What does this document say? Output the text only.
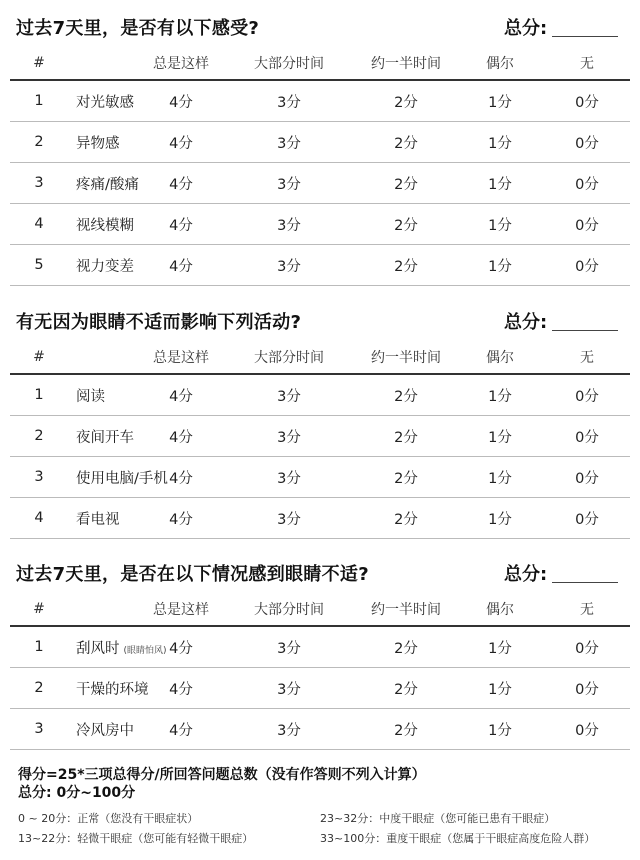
过去7天里，是否有以下感受?	总分:
#		总是这样	大部分时间	约一半时间	偶尔	无
1	对光敏感	4分	3分	2分	1分	0分
2	异物感	4分	3分	2分	1分	0分
3	疼痛/酸痛	4分	3分	2分	1分	0分
4	视线模糊	4分	3分	2分	1分	0分
5	视力变差	4分	3分	2分	1分	0分
有无因为眼睛不适而影响下列活动?	总分:
#		总是这样	大部分时间	约一半时间	偶尔	无
1	阅读	4分	3分	2分	1分	0分
2	夜间开车	4分	3分	2分	1分	0分
3	使用电脑/手机	4分	3分	2分	1分	0分
4	看电视	4分	3分	2分	1分	0分
过去7天里，是否在以下情况感到眼睛不适?	总分:
#		总是这样	大部分时间	约一半时间	偶尔	无
1	刮风时 (眼睛怕风)	4分	3分	2分	1分	0分
2	干燥的环境	4分	3分	2分	1分	0分
3	冷风房中	4分	3分	2分	1分	0分
得分=25*三项总得分/所回答问题总数（没有作答则不列入计算）
总分: 0分~100分
0 ~ 20分：正常（您没有干眼症状）	23~32分：中度干眼症（您可能已患有干眼症）
13~22分：轻微干眼症（您可能有轻微干眼症）	33~100分：重度干眼症（您属于干眼症高度危险人群）
